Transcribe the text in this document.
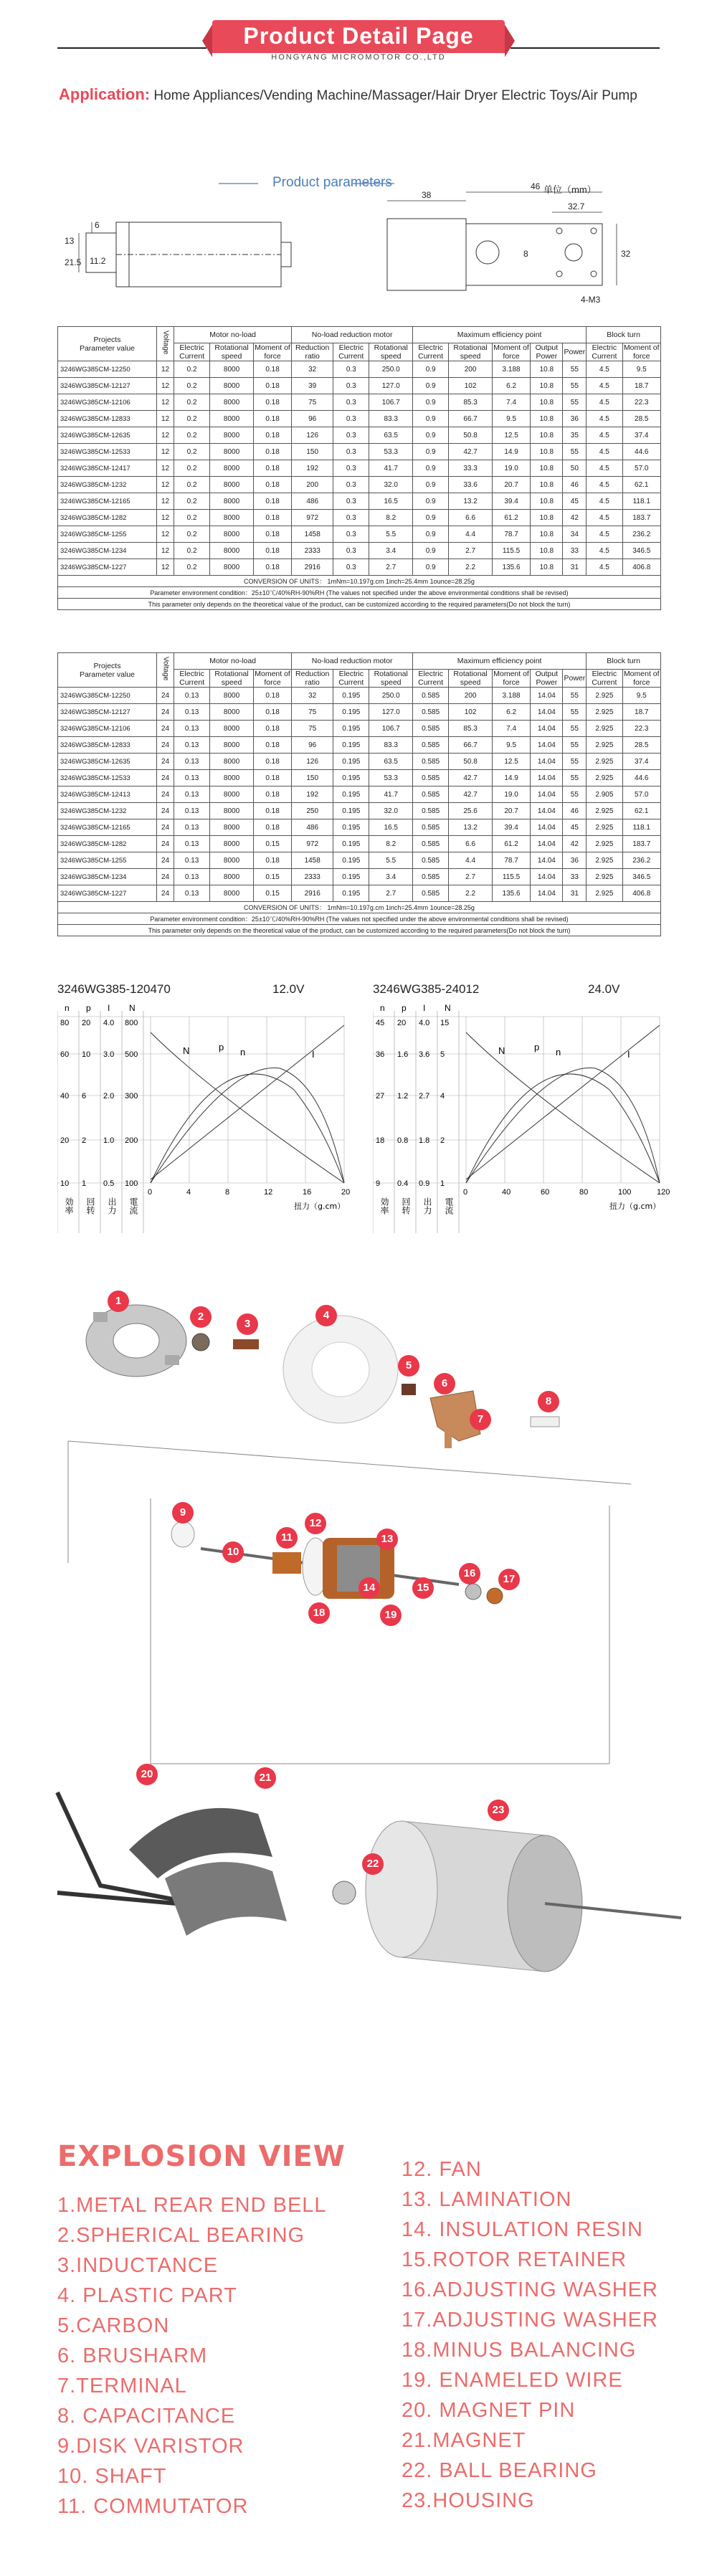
Product Detail Page
HONGYANG MICROMOTOR CO.,LTD
Application: Home Appliances/Vending Machine/Massager/Hair Dryer Electric Toys/Air Pump
Product parameters	单位（mm）
6
13
21.5 11.2
38
46
32.7
32
8
4-M3
Projects
Parameter value	Voltage	Motor no-load			No-load reduction motor			Maximum efficiency point					Block turn	
		Electric Current	Rotational speed	Moment of force	Reduction ratio	Electric Current	Rotational speed	Electric Current	Rotational speed	Moment of force	Output Power	Power	Electric Current	Moment of force
3246WG385CM-12250	12	0.2	8000	0.18	32	0.3	250.0	0.9	200	3.188	10.8	55	4.5	9.5
3246WG385CM-12127	12	0.2	8000	0.18	39	0.3	127.0	0.9	102	6.2	10.8	55	4.5	18.7
3246WG385CM-12106	12	0.2	8000	0.18	75	0.3	106.7	0.9	85.3	7.4	10.8	55	4.5	22.3
3246WG385CM-12833	12	0.2	8000	0.18	96	0.3	83.3	0.9	66.7	9.5	10.8	36	4.5	28.5
3246WG385CM-12635	12	0.2	8000	0.18	126	0.3	63.5	0.9	50.8	12.5	10.8	35	4.5	37.4
3246WG385CM-12533	12	0.2	8000	0.18	150	0.3	53.3	0.9	42.7	14.9	10.8	55	4.5	44.6
3246WG385CM-12417	12	0.2	8000	0.18	192	0.3	41.7	0.9	33.3	19.0	10.8	50	4.5	57.0
3246WG385CM-1232	12	0.2	8000	0.18	200	0.3	32.0	0.9	33.6	20.7	10.8	46	4.5	62.1
3246WG385CM-12165	12	0.2	8000	0.18	486	0.3	16.5	0.9	13.2	39.4	10.8	45	4.5	118.1
3246WG385CM-1282	12	0.2	8000	0.18	972	0.3	8.2	0.9	6.6	61.2	10.8	42	4.5	183.7
3246WG385CM-1255	12	0.2	8000	0.18	1458	0.3	5.5	0.9	4.4	78.7	10.8	34	4.5	236.2
3246WG385CM-1234	12	0.2	8000	0.18	2333	0.3	3.4	0.9	2.7	115.5	10.8	33	4.5	346.5
3246WG385CM-1227	12	0.2	8000	0.18	2916	0.3	2.7	0.9	2.2	135.6	10.8	31	4.5	406.8
CONVERSION OF UNITS： 1mNm=10.197g.cm 1inch=25.4mm 1ounce=28.25g														
Parameter environment condition：25±10℃/40%RH-90%RH (The values not specified under the above environmental conditions shall be revised)														
This parameter only depends on the theoretical value of the product, can be customized according to the required parameters(Do not block the turn)														
Projects
Parameter value	Voltage	Motor no-load			No-load reduction motor			Maximum efficiency point					Block turn	
		Electric Current	Rotational speed	Moment of force	Reduction ratio	Electric Current	Rotational speed	Electric Current	Rotational speed	Moment of force	Output Power	Power	Electric Current	Moment of force
3246WG385CM-12250	24	0.13	8000	0.18	32	0.195	250.0	0.585	200	3.188	14.04	55	2.925	9.5
3246WG385CM-12127	24	0.13	8000	0.18	75	0.195	127.0	0.585	102	6.2	14.04	55	2.925	18.7
3246WG385CM-12106	24	0.13	8000	0.18	75	0.195	106.7	0.585	85.3	7.4	14.04	55	2.925	22.3
3246WG385CM-12833	24	0.13	8000	0.18	96	0.195	83.3	0.585	66.7	9.5	14.04	55	2.925	28.5
3246WG385CM-12635	24	0.13	8000	0.18	126	0.195	63.5	0.585	50.8	12.5	14.04	55	2.925	37.4
3246WG385CM-12533	24	0.13	8000	0.18	150	0.195	53.3	0.585	42.7	14.9	14.04	55	2.925	44.6
3246WG385CM-12413	24	0.13	8000	0.18	192	0.195	41.7	0.585	42.7	19.0	14.04	55	2.905	57.0
3246WG385CM-1232	24	0.13	8000	0.18	250	0.195	32.0	0.585	25.6	20.7	14.04	46	2.925	62.1
3246WG385CM-12165	24	0.13	8000	0.18	486	0.195	16.5	0.585	13.2	39.4	14.04	45	2.925	118.1
3246WG385CM-1282	24	0.13	8000	0.15	972	0.195	8.2	0.585	6.6	61.2	14.04	42	2.925	183.7
3246WG385CM-1255	24	0.13	8000	0.18	1458	0.195	5.5	0.585	4.4	78.7	14.04	36	2.925	236.2
3246WG385CM-1234	24	0.13	8000	0.15	2333	0.195	3.4	0.585	2.7	115.5	14.04	33	2.925	346.5
3246WG385CM-1227	24	0.13	8000	0.15	2916	0.195	2.7	0.585	2.2	135.6	14.04	31	2.925	406.8
CONVERSION OF UNITS： 1mNm=10.197g.cm 1inch=25.4mm 1ounce=28.25g														
Parameter environment condition：25±10℃/40%RH-90%RH (The values not specified under the above environmental conditions shall be revised)														
This parameter only depends on the theoretical value of the product, can be customized according to the required parameters(Do not block the turn)														
3246WG385-120470	12.0V
n p I N
80
60
40
20
10
20
10
6
2
1
4.0
3.0
2.0
1.0
0.5
800
500
300
200
100
効率 回转 出力 電流
0	4	8	12	16	20
扭力（g.cm）
N	n
p
I
3246WG385-24012	24.0V
n p I N
45
36
27
18
9
20
1.6
1.2
0.8
0.4
4.0
3.6
2.7
1.8
0.9
15
5
4
2
1
効率 回转 出力 電流
0	40	60	80	100	120
扭力（g.cm）
N	n
p
I
1
2
3
4
5
6
7
8
9
10
11
12
13
14	15
16	17
18	19
20	21
22
23
EXPLOSION VIEW
1.METAL REAR END BELL
2.SPHERICAL BEARING
3.INDUCTANCE
4. PLASTIC PART
5.CARBON
6. BRUSHARM
7.TERMINAL
8. CAPACITANCE
9.DISK VARISTOR
10. SHAFT
11. COMMUTATOR
12. FAN
13. LAMINATION
14. INSULATION RESIN
15.ROTOR RETAINER
16.ADJUSTING WASHER
17.ADJUSTING WASHER
18.MINUS BALANCING
19. ENAMELED WIRE
20. MAGNET PIN
21.MAGNET
22. BALL BEARING
23.HOUSING
